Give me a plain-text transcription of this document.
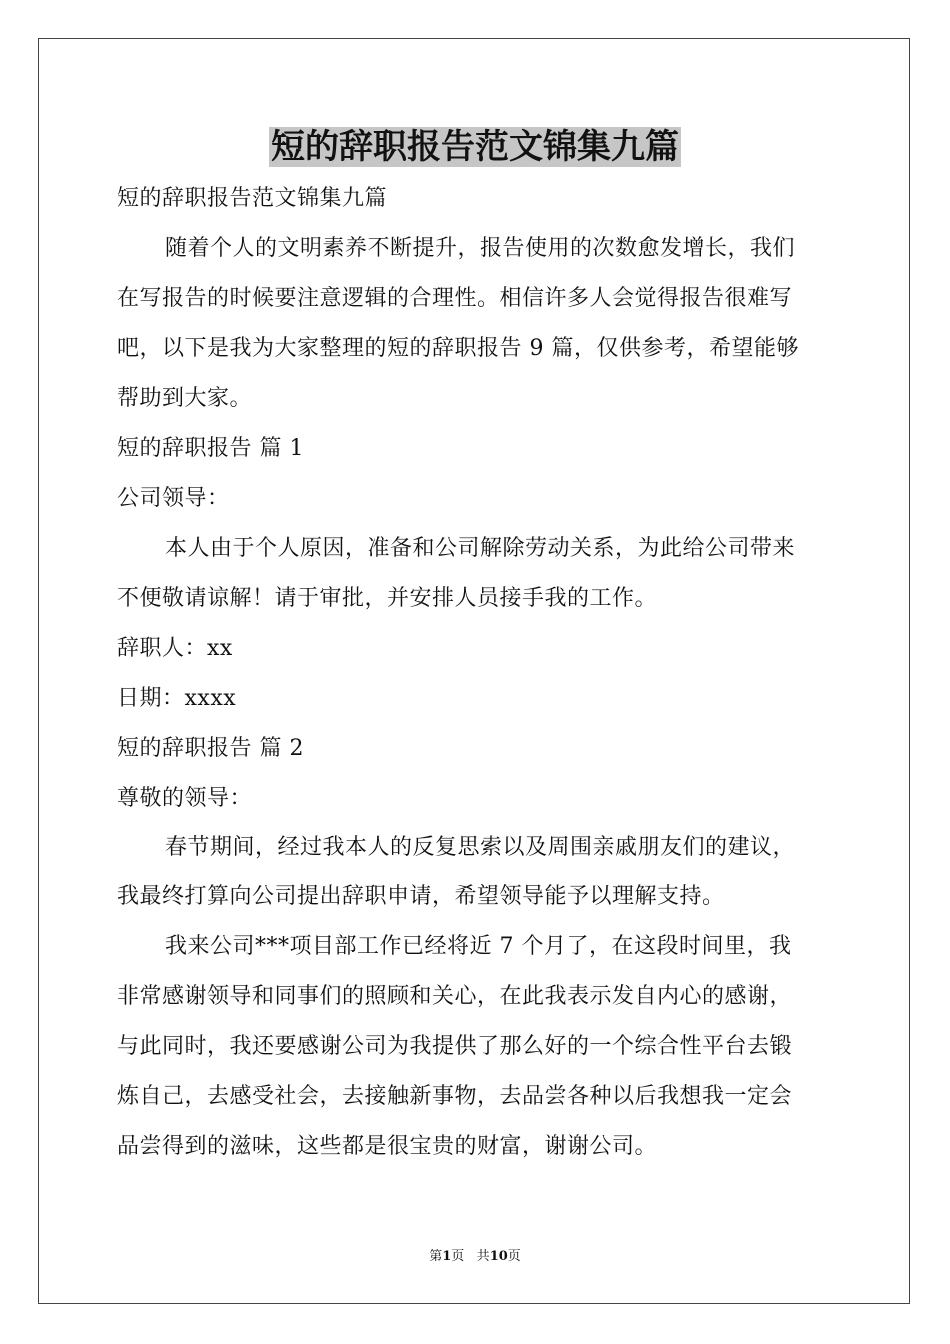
短的辞职报告范文锦集九篇
短的辞职报告范文锦集九篇
随着个人的文明素养不断提升，报告使用的次数愈发增长，我们
在写报告的时候要注意逻辑的合理性。相信许多人会觉得报告很难写
吧，以下是我为大家整理的短的辞职报告 9 篇，仅供参考，希望能够
帮助到大家。
短的辞职报告 篇 1
公司领导：
本人由于个人原因，准备和公司解除劳动关系，为此给公司带来
不便敬请谅解！请于审批，并安排人员接手我的工作。
辞职人：xx
日期：xxxx
短的辞职报告 篇 2
尊敬的领导：
春节期间，经过我本人的反复思索以及周围亲戚朋友们的建议，
我最终打算向公司提出辞职申请，希望领导能予以理解支持。
我来公司***项目部工作已经将近 7 个月了，在这段时间里，我
非常感谢领导和同事们的照顾和关心，在此我表示发自内心的感谢，
与此同时，我还要感谢公司为我提供了那么好的一个综合性平台去锻
炼自己，去感受社会，去接触新事物，去品尝各种以后我想我一定会
品尝得到的滋味，这些都是很宝贵的财富，谢谢公司。
第1页 共10页
